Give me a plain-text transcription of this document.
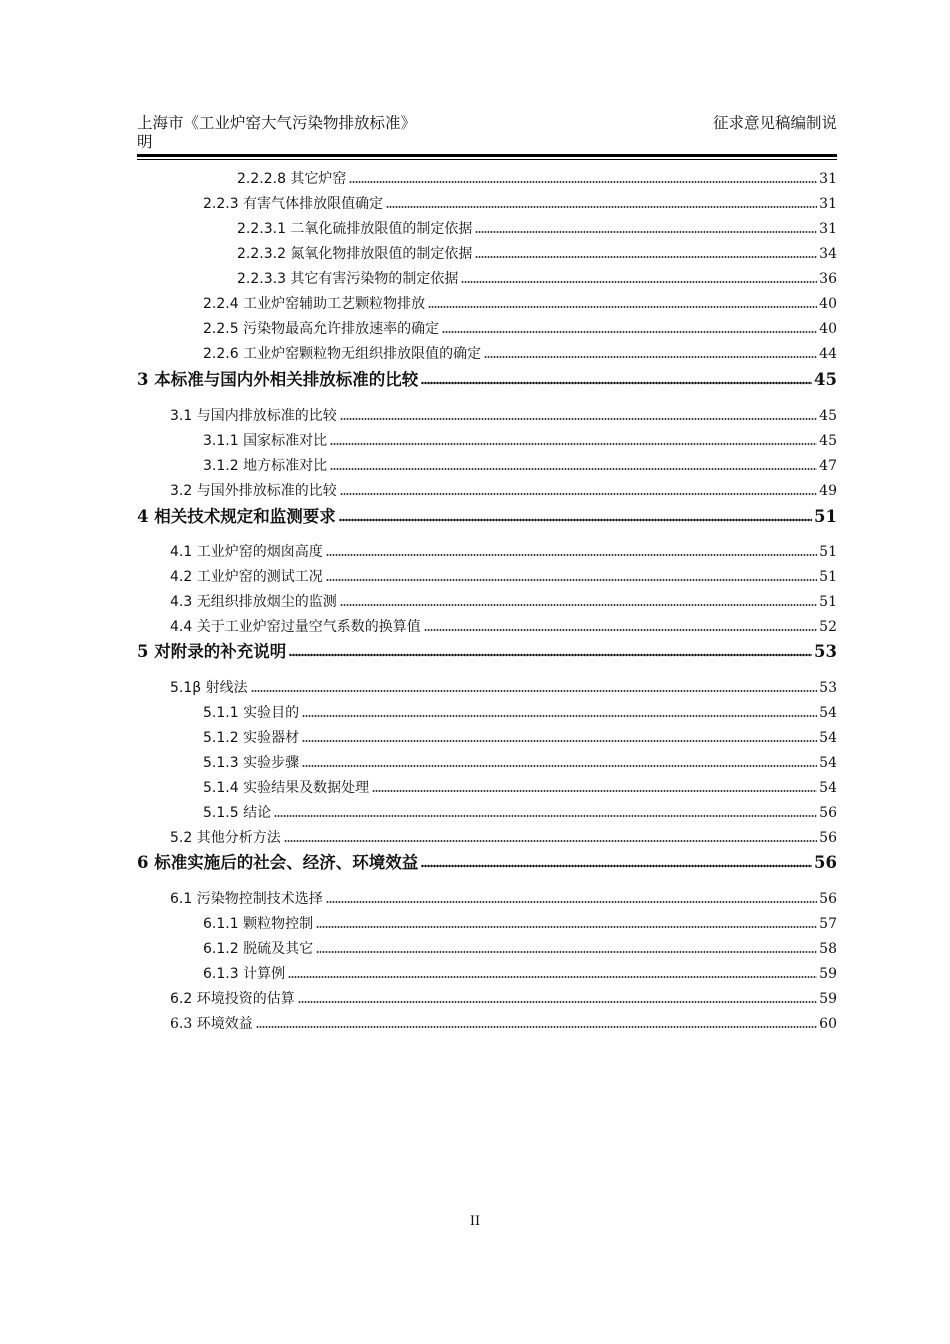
上海市《工业炉窑大气污染物排放标准》
明
征求意见稿编制说
2.2.2.8 其它炉窑	31
2.2.3 有害气体排放限值确定	31
2.2.3.1 二氧化硫排放限值的制定依据	31
2.2.3.2 氮氧化物排放限值的制定依据	34
2.2.3.3 其它有害污染物的制定依据	36
2.2.4 工业炉窑辅助工艺颗粒物排放	40
2.2.5 污染物最高允许排放速率的确定	40
2.2.6 工业炉窑颗粒物无组织排放限值的确定	44
3 本标准与国内外相关排放标准的比较	45
3.1 与国内排放标准的比较	45
3.1.1 国家标准对比	45
3.1.2 地方标准对比	47
3.2 与国外排放标准的比较	49
4 相关技术规定和监测要求	51
4.1 工业炉窑的烟囱高度	51
4.2 工业炉窑的测试工况	51
4.3 无组织排放烟尘的监测	51
4.4 关于工业炉窑过量空气系数的换算值	52
5 对附录的补充说明	53
5.1β 射线法	53
5.1.1 实验目的	54
5.1.2 实验器材	54
5.1.3 实验步骤	54
5.1.4 实验结果及数据处理	54
5.1.5 结论	56
5.2 其他分析方法	56
6 标准实施后的社会、经济、环境效益	56
6.1 污染物控制技术选择	56
6.1.1 颗粒物控制	57
6.1.2 脱硫及其它	58
6.1.3 计算例	59
6.2 环境投资的估算	59
6.3 环境效益	60
II
